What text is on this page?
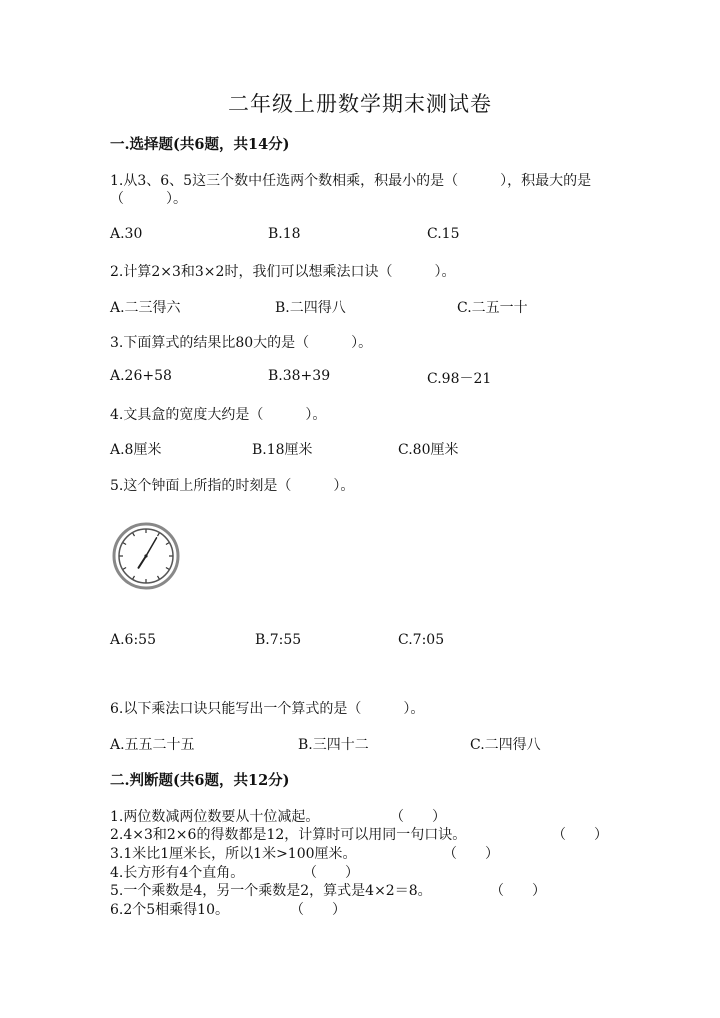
二年级上册数学期末测试卷
一.选择题(共6题，共14分)
1.从3、6、5这三个数中任选两个数相乘，积最小的是（　　　），积最大的是
（　　　）。
A.30	B.18	C.15
2.计算2×3和3×2时，我们可以想乘法口诀（　　　）。
A.二三得六	B.二四得八	C.二五一十
3.下面算式的结果比80大的是（　　　）。
A.26+58	B.38+39	C.98－21
4.文具盒的宽度大约是（　　　）。
A.8厘米	B.18厘米	C.80厘米
5.这个钟面上所指的时刻是（　　　）。
A.6:55	B.7:55	C.7:05
6.以下乘法口诀只能写出一个算式的是（　　　）。
A.五五二十五	B.三四十二	C.二四得八
二.判断题(共6题，共12分)
1.两位数减两位数要从十位减起。	（　　）
2.4×3和2×6的得数都是12，计算时可以用同一句口诀。	（　　）
3.1米比1厘米长，所以1米>100厘米。	（　　）
4.长方形有4个直角。	（　　）
5.一个乘数是4，另一个乘数是2，算式是4×2＝8。	（　　）
6.2个5相乘得10。	（　　）
